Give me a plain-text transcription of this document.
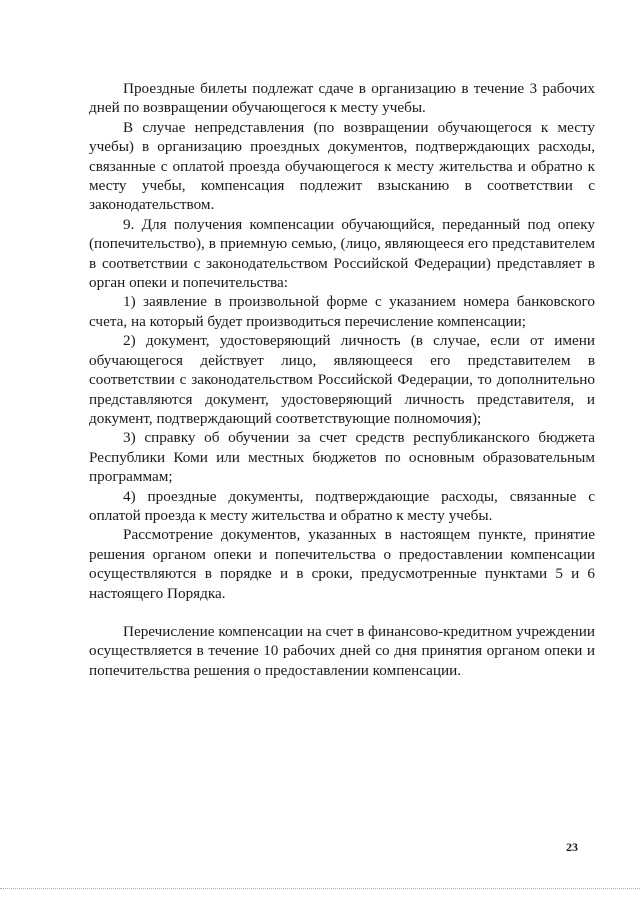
Проездные билеты подлежат сдаче в организацию в течение 3 рабочих дней по возвращении обучающегося к месту учебы.

В случае непредставления (по возвращении обучающегося к месту учебы) в организацию проездных документов, подтверждающих расходы, связанные с оплатой проезда обучающегося к месту жительства и обратно к месту учебы, компенсация подлежит взысканию в соответствии с законодательством.

9. Для получения компенсации обучающийся, переданный под опеку (попечительство), в приемную семью, (лицо, являющееся его представителем в соответствии с законодательством Российской Федерации) представляет в орган опеки и попечительства:

1) заявление в произвольной форме с указанием номера банковского счета, на который будет производиться перечисление компенсации;

2) документ, удостоверяющий личность (в случае, если от имени обучающегося действует лицо, являющееся его представителем в соответствии с законодательством Российской Федерации, то дополнительно представляются документ, удостоверяющий личность представителя, и документ, подтверждающий соответствующие полномочия);

3) справку об обучении за счет средств республиканского бюджета Республики Коми или местных бюджетов по основным образовательным программам;

4) проездные документы, подтверждающие расходы, связанные с оплатой проезда к месту жительства и обратно к месту учебы.

Рассмотрение документов, указанных в настоящем пункте, принятие решения органом опеки и попечительства о предоставлении компенсации осуществляются в порядке и в сроки, предусмотренные пунктами 5 и 6 настоящего Порядка.

Перечисление компенсации на счет в финансово-кредитном учреждении осуществляется в течение 10 рабочих дней со дня принятия органом опеки и попечительства решения о предоставлении компенсации.

23
